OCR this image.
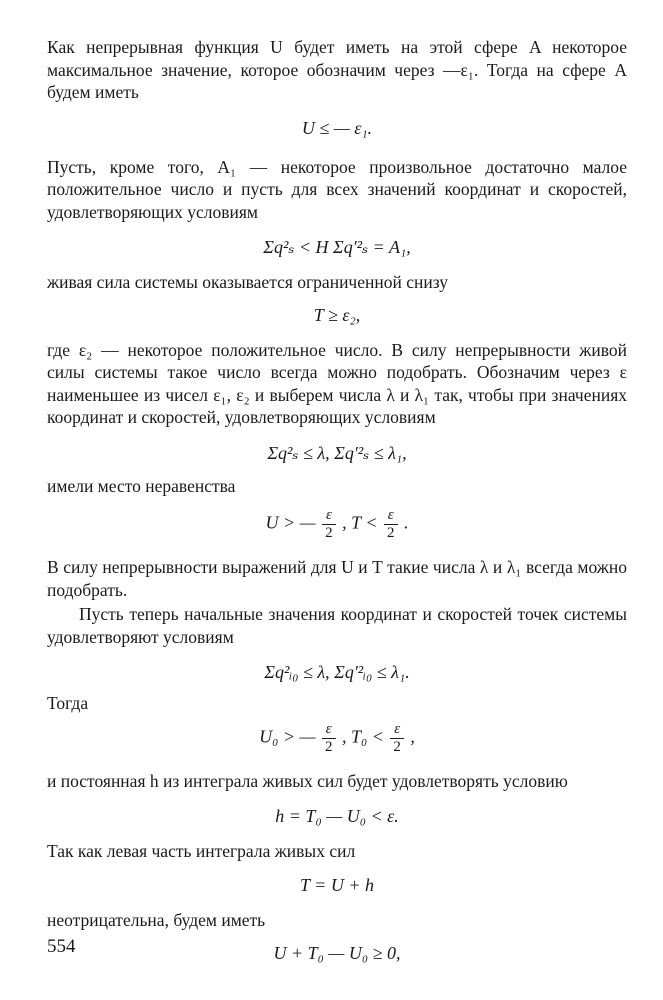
Как непрерывная функция U будет иметь на этой сфере A некоторое максимальное значение, которое обозначим через —ε₁. Тогда на сфере A будем иметь

U ≤ — ε₁.

Пусть, кроме того, A₁ — некоторое произвольное достаточно малое положительное число и пусть для всех значений координат и скоростей, удовлетворяющих условиям

Σq²ₛ < H Σq′²ₛ = A₁,

живая сила системы оказывается ограниченной снизу

T ≥ ε₂,

где ε₂ — некоторое положительное число. В силу непрерывности живой силы системы такое число всегда можно подобрать. Обозначим через ε наименьшее из чисел ε₁, ε₂ и выберем числа λ и λ₁ так, чтобы при значениях координат и скоростей, удовлетворяющих условиям

Σq²ₛ ≤ λ, Σq′²ₛ ≤ λ₁,

имели место неравенства

U > — $\frac{\varepsilon}{2}$ , $T < \frac{\varepsilon}{2}$ .

В силу непрерывности выражений для U и T такие числа λ и λ₁ всегда можно подобрать.

Пусть теперь начальные значения координат и скоростей точек системы удовлетворяют условиям

Σq²ᵢ₀ ≤ λ, Σq′²ᵢ₀ ≤ λ₁.

Тогда

U₀ > — $\frac{\varepsilon}{2}$ , $T_0 < \frac{\varepsilon}{2}$ ,

и постоянная h из интеграла живых сил будет удовлетворять условию

h = T₀ — U₀ < ε.

Так как левая часть интеграла живых сил

T = U + h

неотрицательна, будем иметь

U + T₀ — U₀ ≥ 0,
554
